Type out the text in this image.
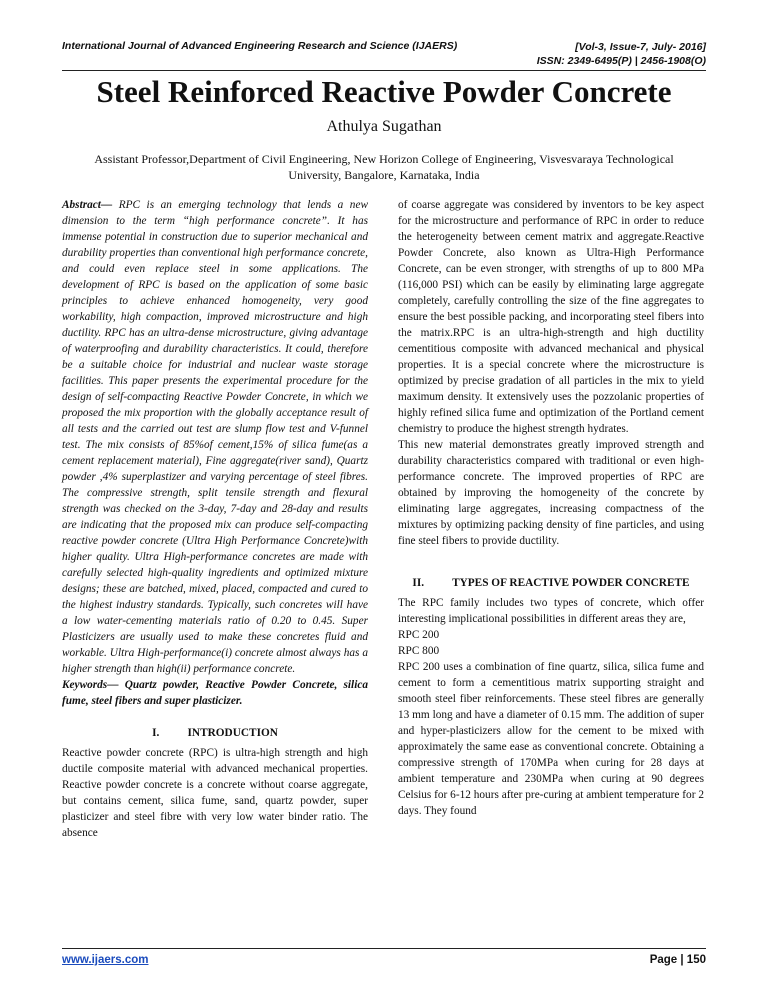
International Journal of Advanced Engineering Research and Science (IJAERS)	[Vol-3, Issue-7, July- 2016]
ISSN: 2349-6495(P) | 2456-1908(O)
Steel Reinforced Reactive Powder Concrete
Athulya Sugathan
Assistant Professor,Department of Civil Engineering, New Horizon College of Engineering, Visvesvaraya Technological University, Bangalore, Karnataka, India

Abstract— RPC is an emerging technology that lends a new dimension to the term “high performance concrete”. It has immense potential in construction due to superior mechanical and durability properties than conventional high performance concrete, and could even replace steel in some applications. The development of RPC is based on the application of some basic principles to achieve enhanced homogeneity, very good workability, high compaction, improved microstructure and high ductility. RPC has an ultra-dense microstructure, giving advantage of waterproofing and durability characteristics. It could, therefore be a suitable choice for industrial and nuclear waste storage facilities. This paper presents the experimental procedure for the design of self-compacting Reactive Powder Concrete, in which we proposed the mix proportion with the globally acceptance result of all tests and the carried out test are slump flow test and V-funnel test. The mix consists of 85%of cement,15% of silica fume(as a cement replacement material), Fine aggregate(river sand), Quartz powder ,4% superplastizer and varying percentage of steel fibres. The compressive strength, split tensile strength and flexural strength was checked on the 3-day, 7-day and 28-day and results are indicating that the proposed mix can produce self-compacting reactive powder concrete (Ultra High Performance Concrete)with higher quality. Ultra High-performance concretes are made with carefully selected high-quality ingredients and optimized mixture designs; these are batched, mixed, placed, compacted and cured to the highest industry standards. Typically, such concretes will have a low water-cementing materials ratio of 0.20 to 0.45. Super Plasticizers are usually used to make these concretes fluid and workable. Ultra High-performance(i) concrete almost always has a higher strength than high(ii) performance concrete.

Keywords— Quartz powder, Reactive Powder Concrete, silica fume, steel fibers and super plasticizer.

I.          INTRODUCTION

Reactive powder concrete (RPC) is ultra-high strength and high ductile composite material with advanced mechanical properties. Reactive powder concrete is a concrete without coarse aggregate, but contains cement, silica fume, sand, quartz powder, super plasticizer and steel fibre with very low water binder ratio. The absence

of coarse aggregate was considered by inventors to be key aspect for the microstructure and performance of RPC in order to reduce the heterogeneity between cement matrix and aggregate.Reactive Powder Concrete, also known as Ultra-High Performance Concrete, can be even stronger, with strengths of up to 800 MPa (116,000 PSI) which can be easily by eliminating large aggregate completely, carefully controlling the size of the fine aggregates to ensure the best possible packing, and incorporating steel fibers into the matrix.RPC is an ultra-high-strength and high ductility cementitious composite with advanced mechanical and physical properties. It is a special concrete where the microstructure is optimized by precise gradation of all particles in the mix to yield maximum density. It extensively uses the pozzolanic properties of highly refined silica fume and optimization of the Portland cement chemistry to produce the highest strength hydrates.

This new material demonstrates greatly improved strength and durability characteristics compared with traditional or even high-performance concrete. The improved properties of RPC are obtained by improving the homogeneity of the concrete by eliminating large aggregates, increasing compactness of the mixtures by optimizing packing density of fine particles, and using fine steel fibers to provide ductility.

II.          TYPES OF REACTIVE POWDER CONCRETE

The RPC family includes two types of concrete, which offer interesting implicational possibilities in different areas they are,

RPC 200

RPC 800

RPC 200 uses a combination of fine quartz, silica, silica fume and cement to form a cementitious matrix supporting straight and smooth steel fiber reinforcements. These steel fibres are generally 13 mm long and have a diameter of 0.15 mm. The addition of super and hyper-plasticizers allow for the cement to be mixed with approximately the same ease as conventional concrete. Obtaining a compressive strength of 170MPa when curing for 28 days at ambient temperature and 230MPa when curing at 90 degrees Celsius for 6-12 hours after pre-curing at ambient temperature for 2 days. They found

www.ijaers.com	Page | 150
